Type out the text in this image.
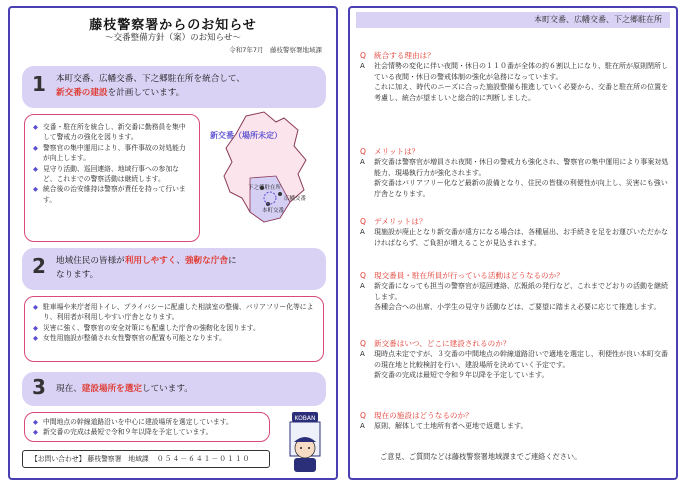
藤枝警察署からのお知らせ
～交番整備方針（案）のお知らせ～
令和7年7月　藤枝警察署地域課
1 本町交番、広幡交番、下之郷駐在所を統合して、
新交番の建設を計画しています。
◆ 交番・駐在所を統合し、新交番に勤務員を集中して警戒力の強化を図ります。
◆ 警察官の集中運用により、事件事故の対処能力が向上します。
◆ 見守り活動、巡回連絡、地域行事への参加など、これまでの警察活動は継続します。
◆ 統合後の治安維持は警察が責任を持って行います。
新交番（場所未定）
下之郷駐在所
広幡交番
本町交番
2 地域住民の皆様が利用しやすく、強靭な庁舎に
なります。
◆ 駐車場や来庁者用トイレ、プライバシーに配慮した相談室の整備、バリアフリー化等により、利用者が利用しやすい庁舎となります。
◆ 災害に強く、警察官の安全対策にも配慮した庁舎の強靭化を図ります。
◆ 女性用施設が整備され女性警察官の配置も可能となります。
3 現在、建設場所を選定しています。
◆ 中間地点の幹線道路沿いを中心に建設場所を選定しています。
◆ 新交番の完成は最短で令和９年以降を予定しています。
KOBAN
【お問い合わせ】 藤枝警察署　地域課 ０５４－６４１－０１１０
本町交番、広幡交番、下之郷駐在所
Q 統合する理由は？
A	社会情勢の変化に伴い夜間・休日の１１０番が全体の約６割以上になり、駐在所が原則閉所している夜間・休日の警戒体制の強化が急務になっています。
これに加え、時代のニーズに合った施設整備も推進していく必要から、交番と駐在所の位置を考慮し、統合が望ましいと総合的に判断しました。
Q メリットは？
A	新交番は警察官が増員され夜間・休日の警戒力も強化され、警察官の集中運用により事案対処能力、現場執行力が強化されます。
新交番はバリアフリー化など最新の設備となり、住民の皆様の利便性が向上し、災害にも強い庁舎となります。
Q デメリットは？
A	現施設が廃止となり新交番が遠方になる場合は、各種届出、お手続きを足をお運びいただかなければならず、ご負担が増えることが見込まれます。
Q 現交番員・駐在所員が行っている活動はどうなるのか？
A	新交番になっても担当の警察官が巡回連絡、広報紙の発行など、これまでどおりの活動を継続します。
各種会合への出席、小学生の見守り活動などは、ご要望に踏まえ必要に応じて推進します。
Q 新交番はいつ、どこに建設されるのか？
A	現時点未定ですが、３交番の中間地点の幹線道路沿いで適地を選定し、利便性が良い本町交番の現在地と比較検討を行い、建設場所を決めていく予定です。
新交番の完成は最短で令和９年以降を予定しています。
Q 現在の施設はどうなるのか？
A	原則、解体して土地所有者へ更地で返還します。
ご意見、ご質問などは藤枝警察署地域課までご連絡ください。
